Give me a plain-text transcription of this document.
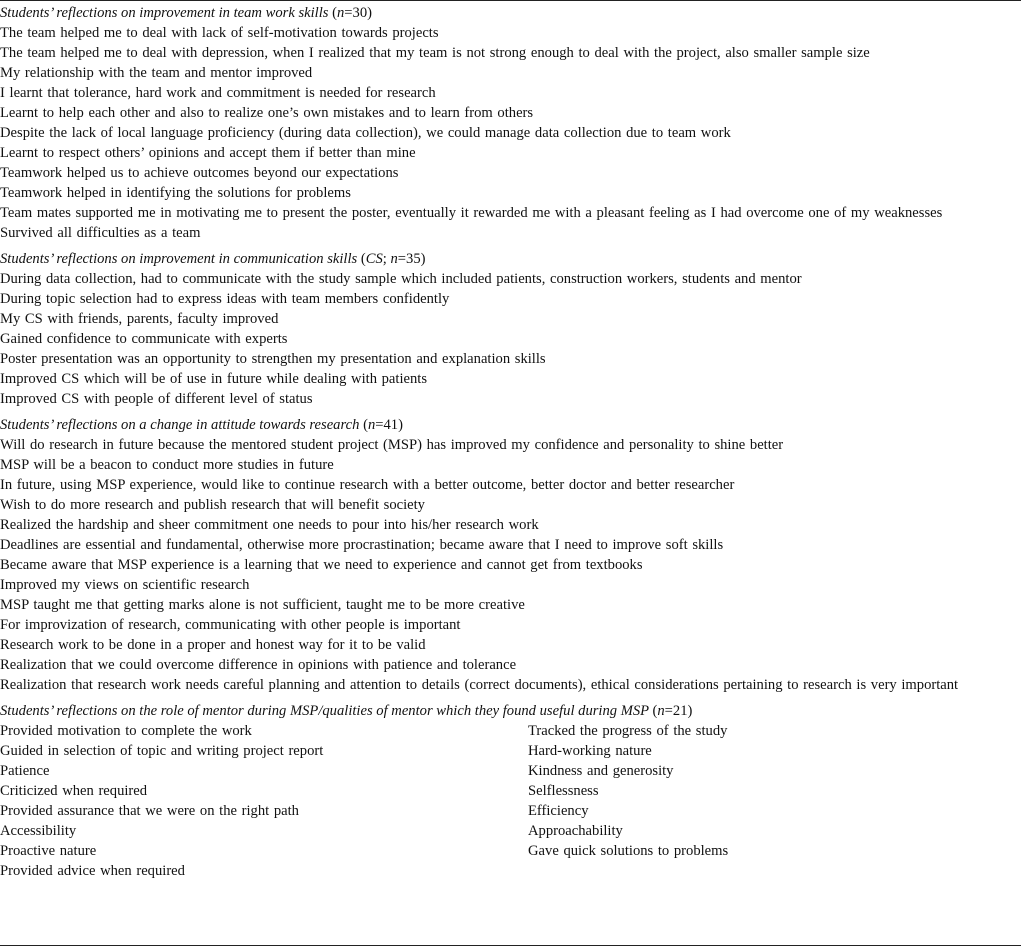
Students’ reflections on improvement in team work skills (n=30)

The team helped me to deal with lack of self-motivation towards projects

The team helped me to deal with depression, when I realized that my team is not strong enough to deal with the project, also smaller sample size

My relationship with the team and mentor improved

I learnt that tolerance, hard work and commitment is needed for research

Learnt to help each other and also to realize one’s own mistakes and to learn from others

Despite the lack of local language proficiency (during data collection), we could manage data collection due to team work

Learnt to respect others’ opinions and accept them if better than mine

Teamwork helped us to achieve outcomes beyond our expectations

Teamwork helped in identifying the solutions for problems

Team mates supported me in motivating me to present the poster, eventually it rewarded me with a pleasant feeling as I had overcome one of my weaknesses

Survived all difficulties as a team

Students’ reflections on improvement in communication skills (CS; n=35)

During data collection, had to communicate with the study sample which included patients, construction workers, students and mentor

During topic selection had to express ideas with team members confidently

My CS with friends, parents, faculty improved

Gained confidence to communicate with experts

Poster presentation was an opportunity to strengthen my presentation and explanation skills

Improved CS which will be of use in future while dealing with patients

Improved CS with people of different level of status

Students’ reflections on a change in attitude towards research (n=41)

Will do research in future because the mentored student project (MSP) has improved my confidence and personality to shine better

MSP will be a beacon to conduct more studies in future

In future, using MSP experience, would like to continue research with a better outcome, better doctor and better researcher

Wish to do more research and publish research that will benefit society

Realized the hardship and sheer commitment one needs to pour into his/her research work

Deadlines are essential and fundamental, otherwise more procrastination; became aware that I need to improve soft skills

Became aware that MSP experience is a learning that we need to experience and cannot get from textbooks

Improved my views on scientific research

MSP taught me that getting marks alone is not sufficient, taught me to be more creative

For improvization of research, communicating with other people is important

Research work to be done in a proper and honest way for it to be valid

Realization that we could overcome difference in opinions with patience and tolerance

Realization that research work needs careful planning and attention to details (correct documents), ethical considerations pertaining to research is very important

Students’ reflections on the role of mentor during MSP/qualities of mentor which they found useful during MSP (n=21)

Provided motivation to complete the work

Guided in selection of topic and writing project report

Patience

Criticized when required

Provided assurance that we were on the right path

Accessibility

Proactive nature

Provided advice when required

Tracked the progress of the study

Hard-working nature

Kindness and generosity

Selflessness

Efficiency

Approachability

Gave quick solutions to problems
